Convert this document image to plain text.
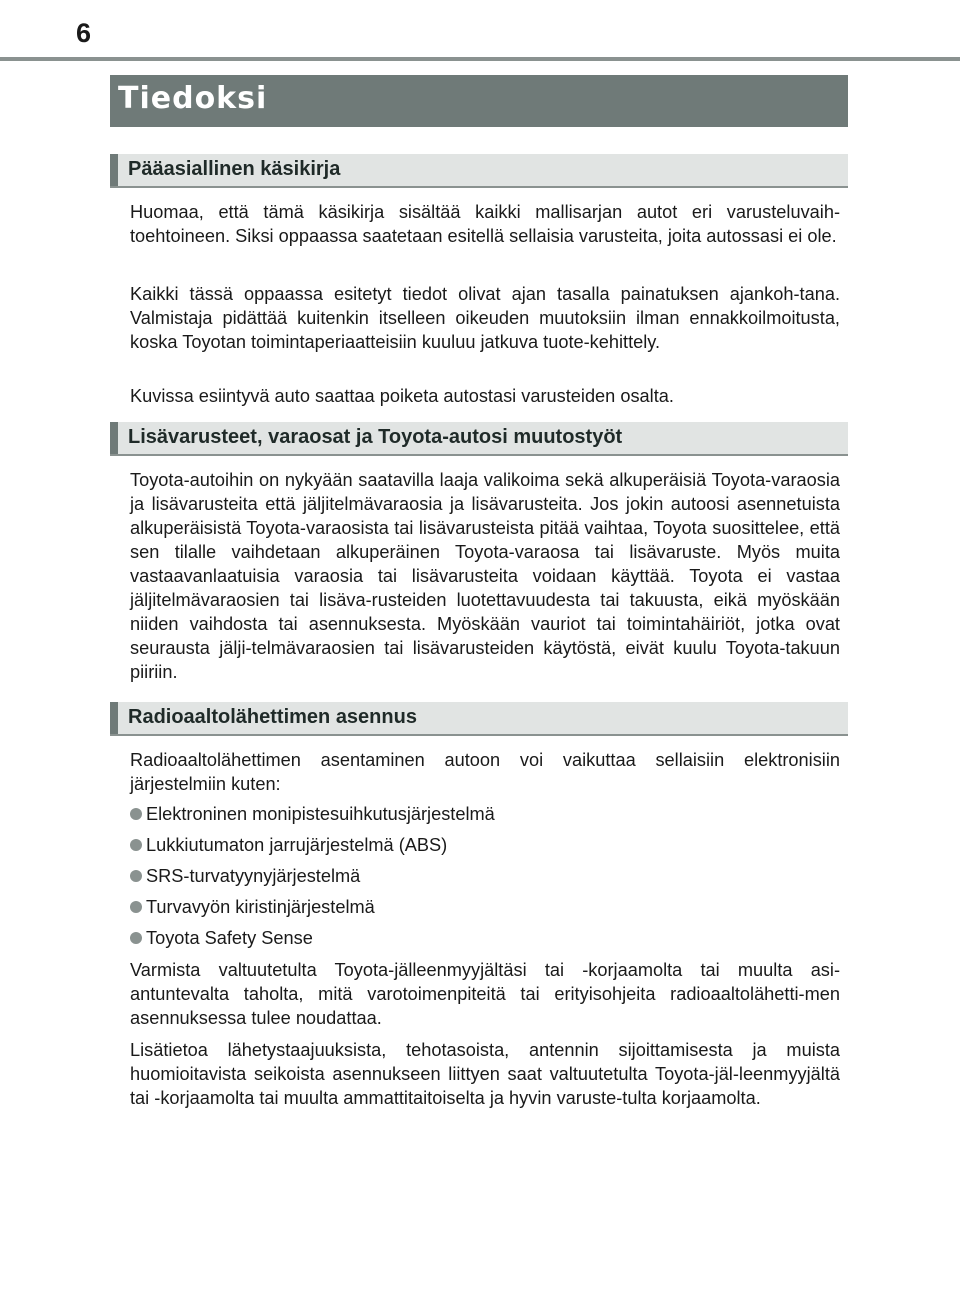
6
Tiedoksi
Pääasiallinen käsikirja

Huomaa, että tämä käsikirja sisältää kaikki mallisarjan autot eri varusteluvaih-toehtoineen. Siksi oppaassa saatetaan esitellä sellaisia varusteita, joita autossasi ei ole.

Kaikki tässä oppaassa esitetyt tiedot olivat ajan tasalla painatuksen ajankoh-tana. Valmistaja pidättää kuitenkin itselleen oikeuden muutoksiin ilman ennakkoilmoitusta, koska Toyotan toimintaperiaatteisiin kuuluu jatkuva tuote-kehittely.

Kuvissa esiintyvä auto saattaa poiketa autostasi varusteiden osalta.

Lisävarusteet, varaosat ja Toyota-autosi muutostyöt

Toyota-autoihin on nykyään saatavilla laaja valikoima sekä alkuperäisiä Toyota-varaosia ja lisävarusteita että jäljitelmävaraosia ja lisävarusteita. Jos jokin autoosi asennetuista alkuperäisistä Toyota-varaosista tai lisävarusteista pitää vaihtaa, Toyota suosittelee, että sen tilalle vaihdetaan alkuperäinen Toyota-varaosa tai lisävaruste. Myös muita vastaavanlaatuisia varaosia tai lisävarusteita voidaan käyttää. Toyota ei vastaa jäljitelmävaraosien tai lisäva-rusteiden luotettavuudesta tai takuusta, eikä myöskään niiden vaihdosta tai asennuksesta. Myöskään vauriot tai toimintahäiriöt, jotka ovat seurausta jälji-telmävaraosien tai lisävarusteiden käytöstä, eivät kuulu Toyota-takuun piiriin.

Radioaaltolähettimen asennus

Radioaaltolähettimen asentaminen autoon voi vaikuttaa sellaisiin elektronisiin järjestelmiin kuten:

Elektroninen monipistesuihkutusjärjestelmä

Lukkiutumaton jarrujärjestelmä (ABS)

SRS-turvatyynyjärjestelmä

Turvavyön kiristinjärjestelmä

Toyota Safety Sense

Varmista valtuutetulta Toyota-jälleenmyyjältäsi tai -korjaamolta tai muulta asi-antuntevalta taholta, mitä varotoimenpiteitä tai erityisohjeita radioaaltolähetti-men asennuksessa tulee noudattaa.

Lisätietoa lähetystaajuuksista, tehotasoista, antennin sijoittamisesta ja muista huomioitavista seikoista asennukseen liittyen saat valtuutetulta Toyota-jäl-leenmyyjältä tai -korjaamolta tai muulta ammattitaitoiselta ja hyvin varuste-tulta korjaamolta.
